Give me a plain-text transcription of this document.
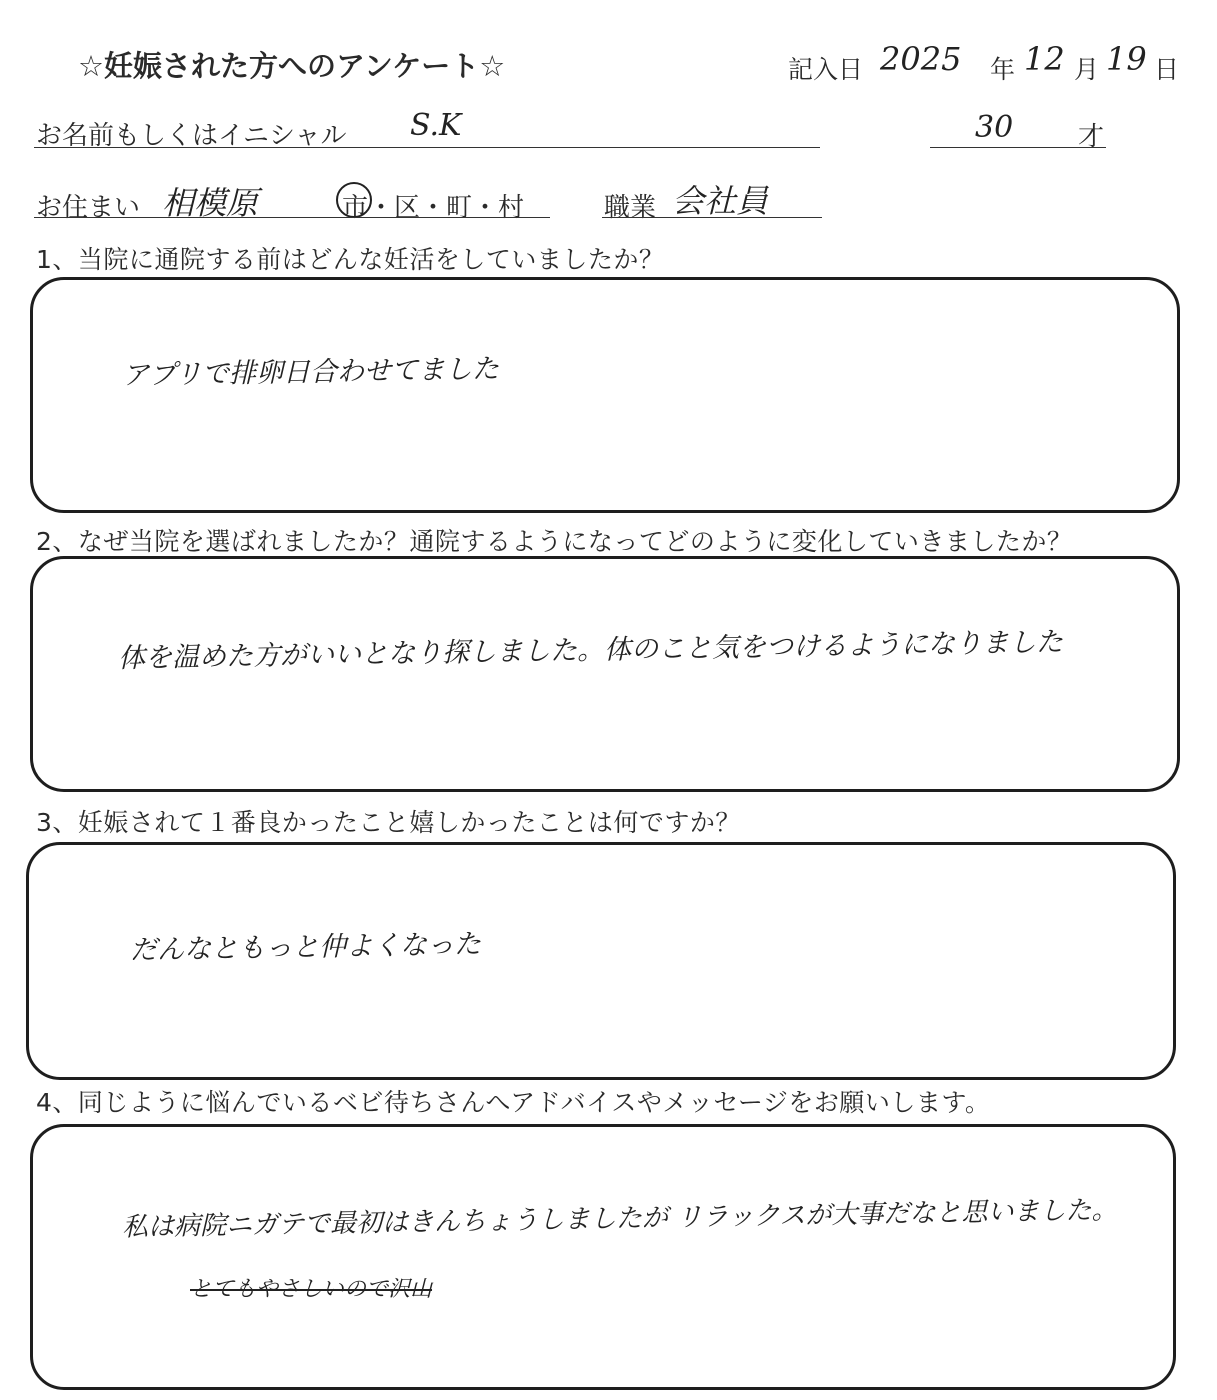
☆妊娠された方へのアンケート☆	記入日 2025 年 12 月 19 日
お名前もしくはイニシャル S.K	30 才
お住まい 相模原	市・区・町・村	職業 会社員
1、当院に通院する前はどんな妊活をしていましたか？
アプリで排卵日合わせてました
2、なぜ当院を選ばれましたか？通院するようになってどのように変化していきましたか？
体を温めた方がいいとなり探しました。体のこと気をつけるようになりました
3、妊娠されて１番良かったこと嬉しかったことは何ですか？
だんなともっと仲よくなった
4、同じように悩んでいるベビ待ちさんへアドバイスやメッセージをお願いします。
私は病院ニガテで最初はきんちょうしましたが リラックスが大事だなと思いました。
とてもやさしいので沢山
